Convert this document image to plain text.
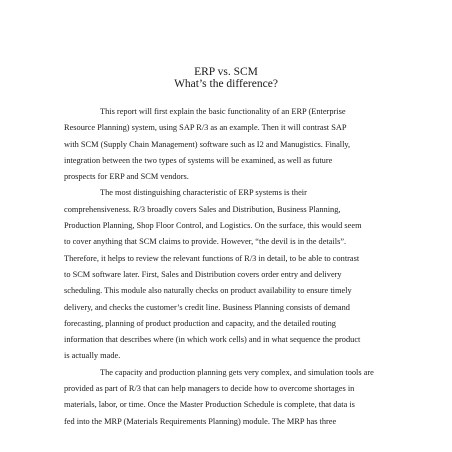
ERP vs. SCM
What’s the difference?
This report will first explain the basic functionality of an ERP (Enterprise
Resource Planning) system, using SAP R/3 as an example. Then it will contrast SAP
with SCM (Supply Chain Management) software such as I2 and Manugistics. Finally,
integration between the two types of systems will be examined, as well as future
prospects for ERP and SCM vendors.
The most distinguishing characteristic of ERP systems is their
comprehensiveness. R/3 broadly covers Sales and Distribution, Business Planning,
Production Planning, Shop Floor Control, and Logistics. On the surface, this would seem
to cover anything that SCM claims to provide. However, “the devil is in the details”.
Therefore, it helps to review the relevant functions of R/3 in detail, to be able to contrast
to SCM software later. First, Sales and Distribution covers order entry and delivery
scheduling. This module also naturally checks on product availability to ensure timely
delivery, and checks the customer’s credit line. Business Planning consists of demand
forecasting, planning of product production and capacity, and the detailed routing
information that describes where (in which work cells) and in what sequence the product
is actually made.
The capacity and production planning gets very complex, and simulation tools are
provided as part of R/3 that can help managers to decide how to overcome shortages in
materials, labor, or time. Once the Master Production Schedule is complete, that data is
fed into the MRP (Materials Requirements Planning) module. The MRP has three
